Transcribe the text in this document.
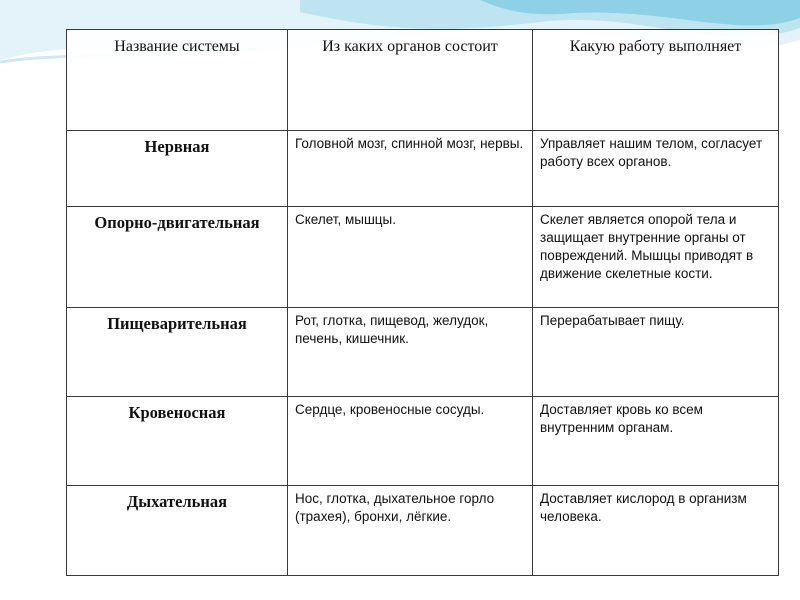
Название системы	Из каких органов состоит	Какую работу выполняет
Нервная	Головной мозг, спинной мозг, нервы.	Управляет нашим телом, согласует работу всех органов.
Опорно-двигательная	Скелет, мышцы.	Скелет является опорой тела и защищает внутренние органы от повреждений. Мышцы приводят в движение скелетные кости.
Пищеварительная	Рот, глотка, пищевод, желудок, печень, кишечник.	Перерабатывает пищу.
Кровеносная	Сердце, кровеносные сосуды.	Доставляет кровь ко всем внутренним органам.
Дыхательная	Нос, глотка, дыхательное горло (трахея), бронхи, лёгкие.	Доставляет кислород в организм человека.
